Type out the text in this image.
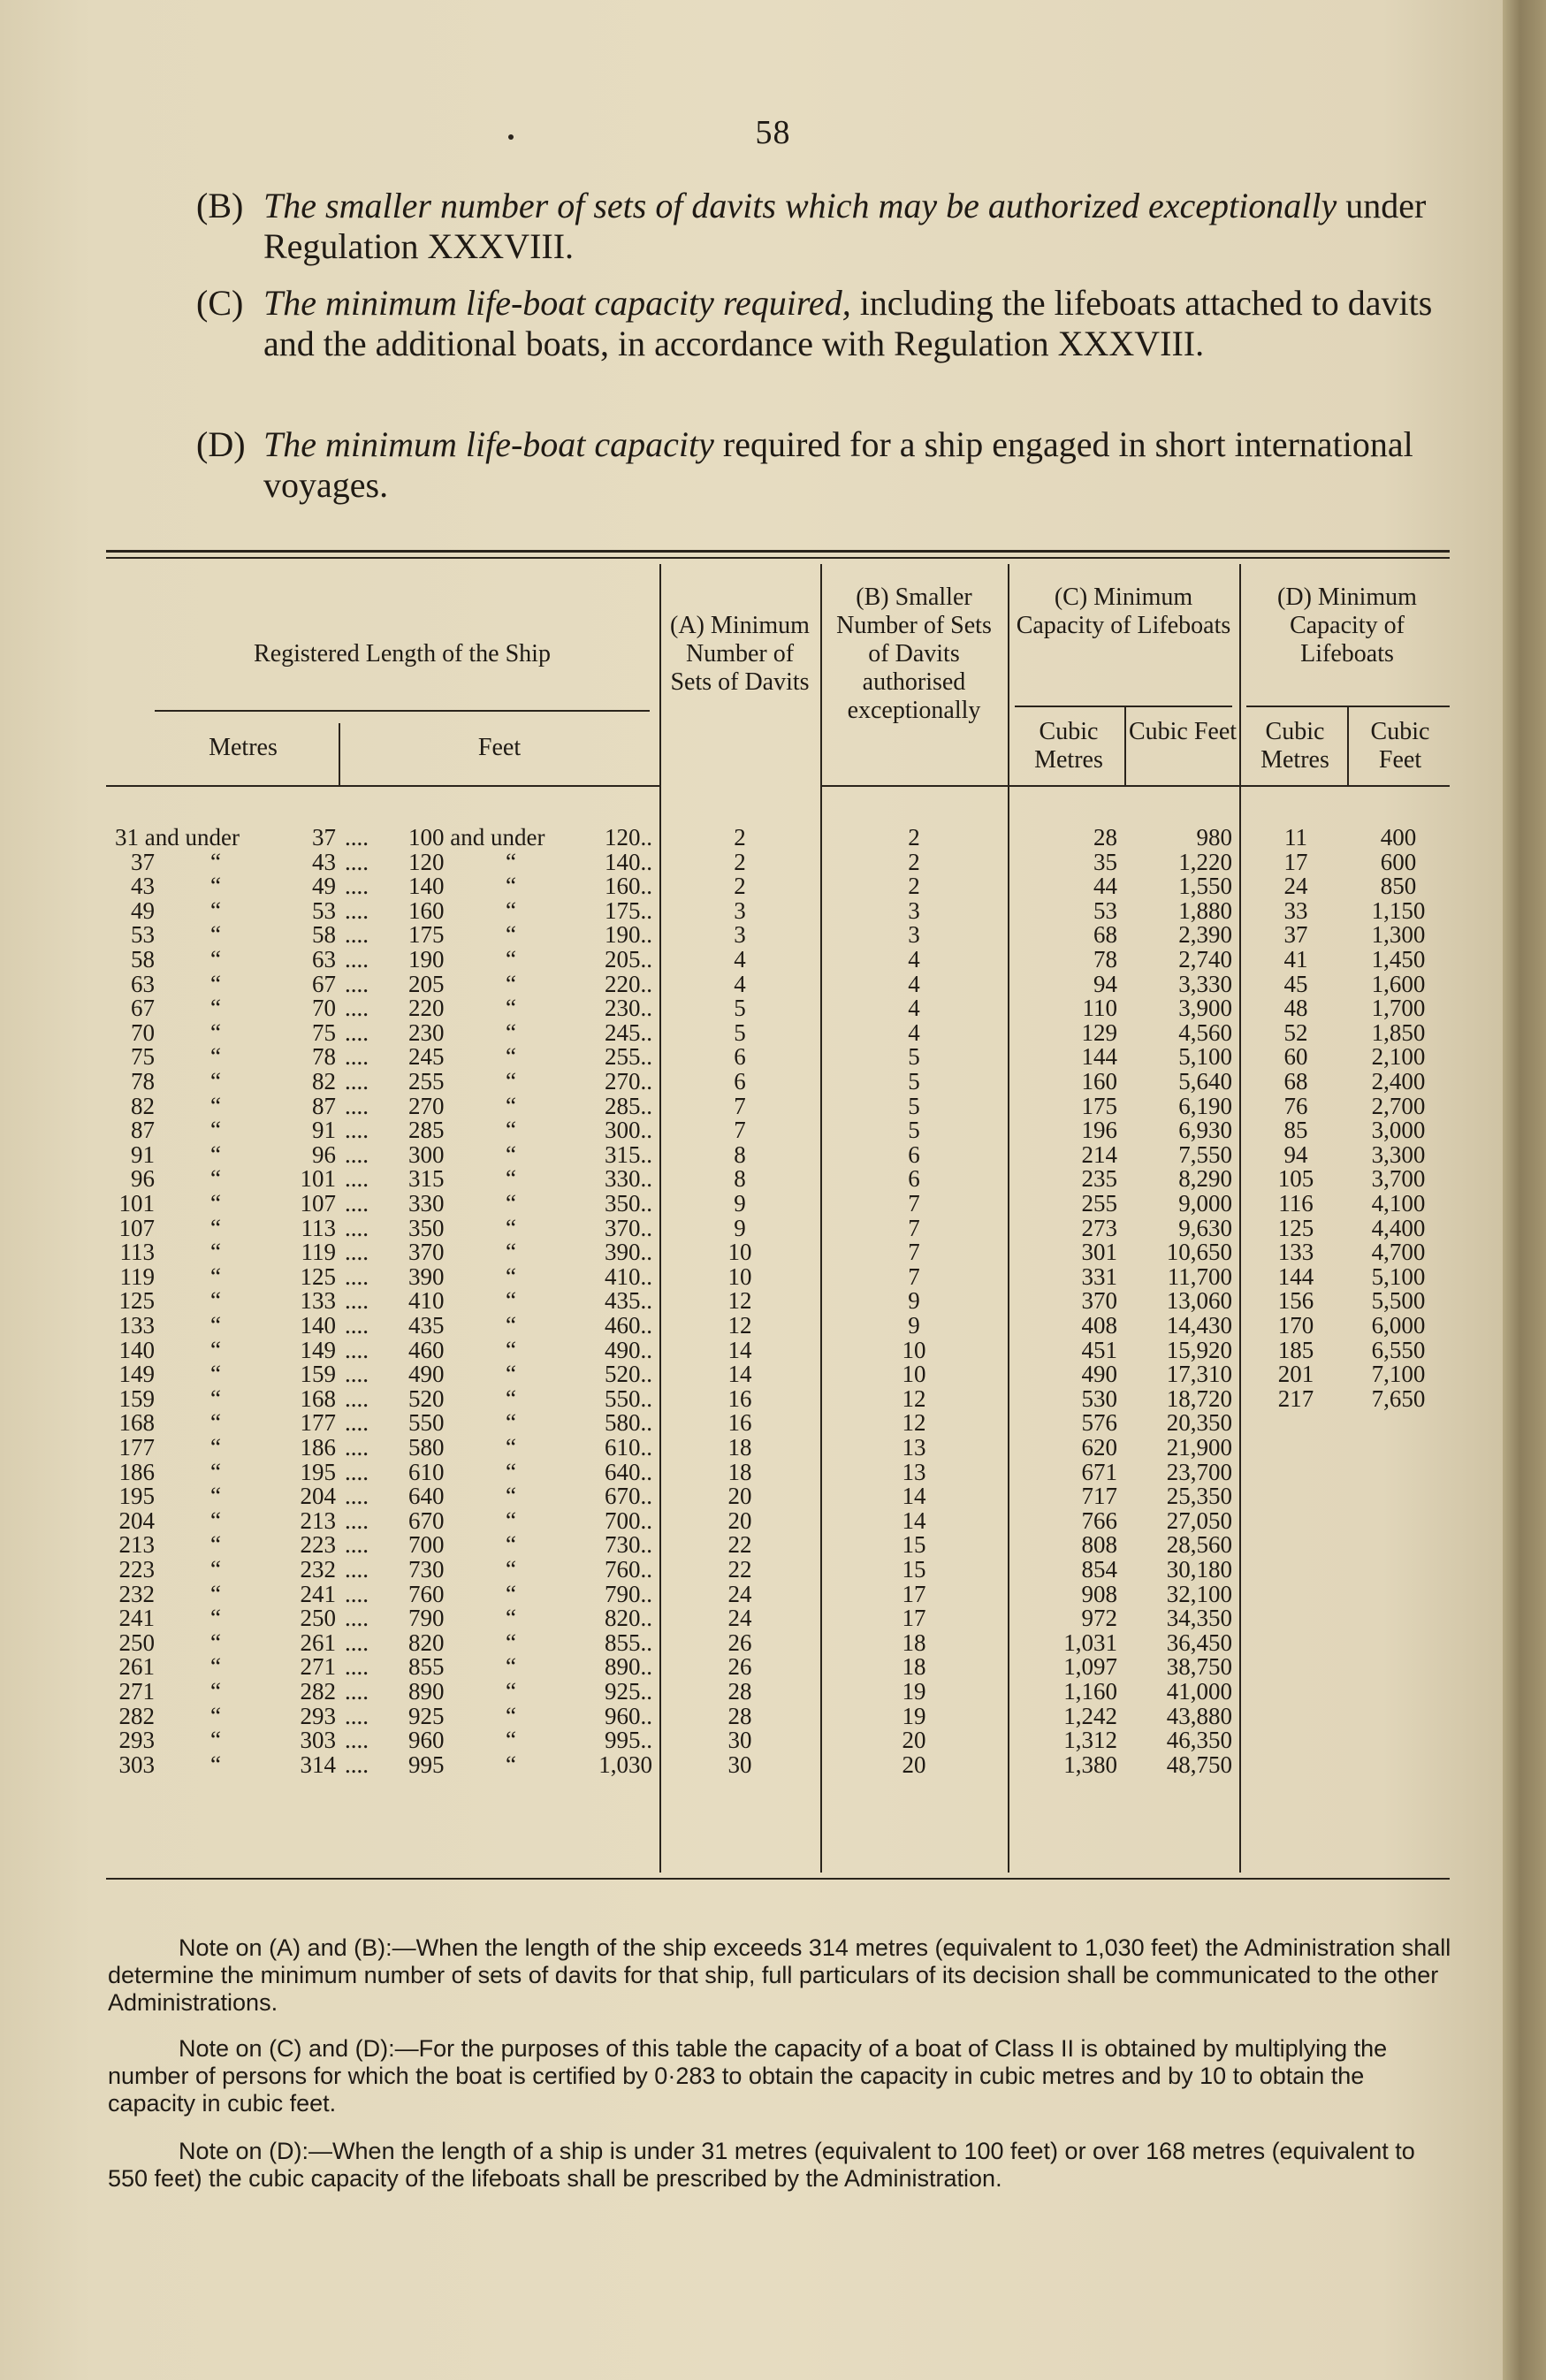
58
(B) The smaller number of sets of davits which may be authorized exceptionally under Regulation XXXVIII.
(C) The minimum life-boat capacity required, including the lifeboats attached to davits and the additional boats, in accordance with Regulation XXXVIII.
(D) The minimum life-boat capacity required for a ship engaged in short international voyages.
Registered Length of the Ship
Metres	Feet
(A) Minimum Number of Sets of Davits
(B) Smaller Number of Sets of Davits authorised exceptionally
(C) Minimum Capacity of Lifeboats
Cubic Metres
Cubic Feet
(D) Minimum Capacity of Lifeboats
Cubic Metres
Cubic Feet
31 and under	37 ....	100 and under	120..	2	2	28	980	11	400
37 “	43 ....	120	“	140..	2	2	35	1,220	17	600
43 “	49 ....	140	“	160..	2	2	44	1,550	24	850
49 “	53 ....	160	“	175..	3	3	53	1,880	33	1,150
53 “	58 ....	175	“	190..	3	3	68	2,390	37	1,300
58 “	63 ....	190	“	205..	4	4	78	2,740	41	1,450
63 “	67 ....	205	“	220..	4	4	94	3,330	45	1,600
67 “	70 ....	220	“	230..	5	4	110	3,900	48	1,700
70 “	75 ....	230	“	245..	5	4	129	4,560	52	1,850
75 “	78 ....	245	“	255..	6	5	144	5,100	60	2,100
78 “	82 ....	255	“	270..	6	5	160	5,640	68	2,400
82 “	87 ....	270	“	285..	7	5	175	6,190	76	2,700
87 “	91 ....	285	“	300..	7	5	196	6,930	85	3,000
91 “	96 ....	300	“	315..	8	6	214	7,550	94	3,300
96 “	101 ....	315	“	330..	8	6	235	8,290	105	3,700
101 “	107 ....	330	“	350..	9	7	255	9,000	116	4,100
107 “	113 ....	350	“	370..	9	7	273	9,630	125	4,400
113 “	119 ....	370	“	390..	10	7	301	10,650	133	4,700
119 “	125 ....	390	“	410..	10	7	331	11,700	144	5,100
125 “	133 ....	410	“	435..	12	9	370	13,060	156	5,500
133 “	140 ....	435	“	460..	12	9	408	14,430	170	6,000
140 “	149 ....	460	“	490..	14	10	451	15,920	185	6,550
149 “	159 ....	490	“	520..	14	10	490	17,310	201	7,100
159 “	168 ....	520	“	550..	16	12	530	18,720	217	7,650
168 “	177 ....	550	“	580..	16	12	576	20,350
177 “	186 ....	580	“	610..	18	13	620	21,900
186 “	195 ....	610	“	640..	18	13	671	23,700
195 “	204 ....	640	“	670..	20	14	717	25,350
204 “	213 ....	670	“	700..	20	14	766	27,050
213 “	223 ....	700	“	730..	22	15	808	28,560
223 “	232 ....	730	“	760..	22	15	854	30,180
232 “	241 ....	760	“	790..	24	17	908	32,100
241 “	250 ....	790	“	820..	24	17	972	34,350
250 “	261 ....	820	“	855..	26	18	1,031	36,450
261 “	271 ....	855	“	890..	26	18	1,097	38,750
271 “	282 ....	890	“	925..	28	19	1,160	41,000
282 “	293 ....	925	“	960..	28	19	1,242	43,880
293 “	303 ....	960	“	995..	30	20	1,312	46,350
303 “	314 ....	995	“	1,030	30	20	1,380	48,750

Note on (A) and (B):—When the length of the ship exceeds 314 metres (equivalent to 1,030 feet) the Administration shall determine the minimum number of sets of davits for that ship, full particulars of its decision shall be communicated to the other Administrations.

Note on (C) and (D):—For the purposes of this table the capacity of a boat of Class II is obtained by multiplying the number of persons for which the boat is certified by 0·283 to obtain the capacity in cubic metres and by 10 to obtain the capacity in cubic feet.

Note on (D):—When the length of a ship is under 31 metres (equivalent to 100 feet) or over 168 metres (equivalent to 550 feet) the cubic capacity of the lifeboats shall be prescribed by the Administration.
